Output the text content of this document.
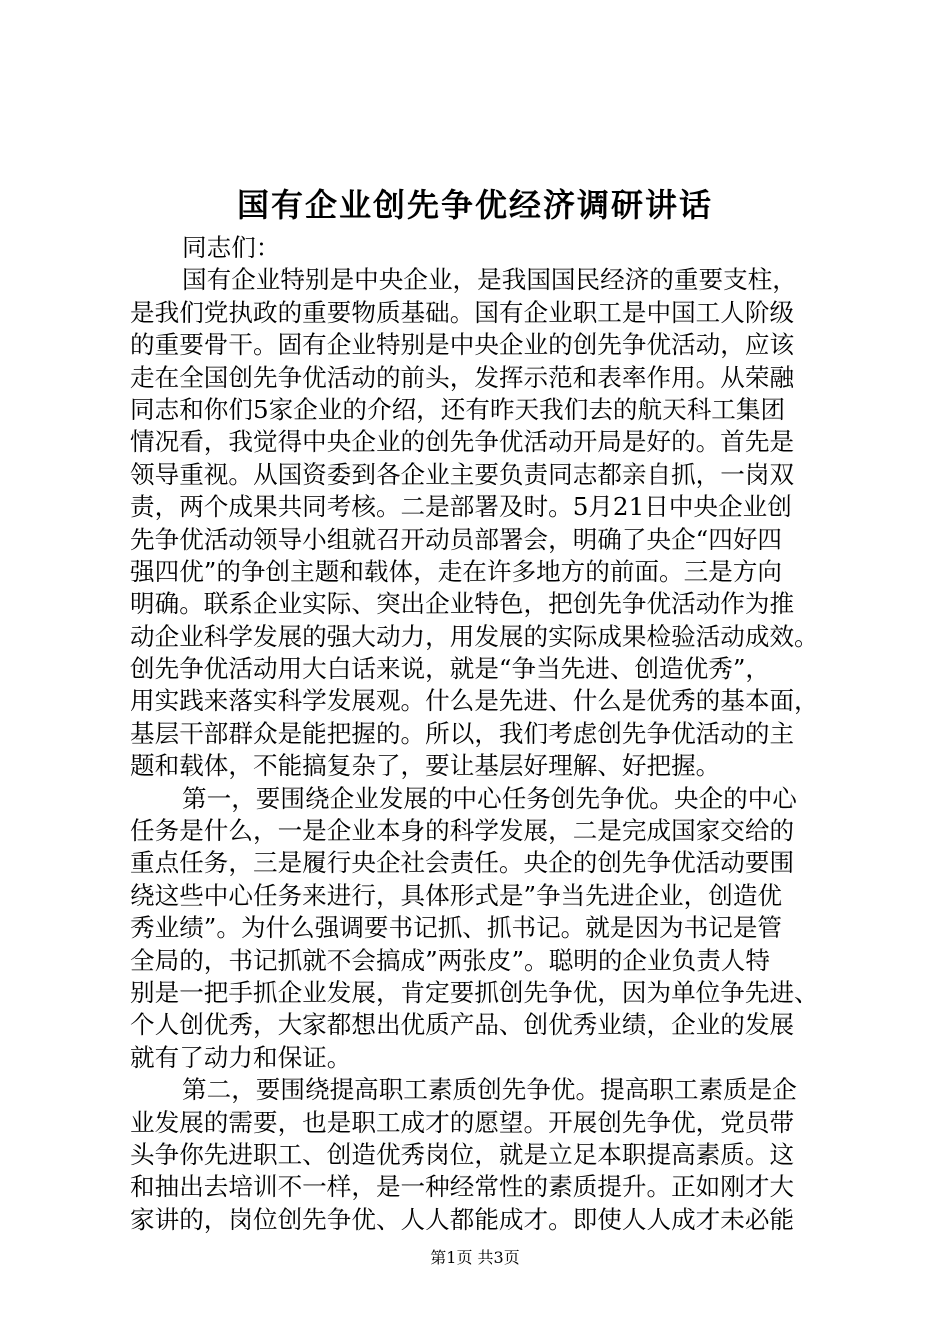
国有企业创先争优经济调研讲话
同志们：
国有企业特别是中央企业，是我国国民经济的重要支柱，
是我们党执政的重要物质基础。国有企业职工是中国工人阶级
的重要骨干。固有企业特别是中央企业的创先争优活动，应该
走在全国创先争优活动的前头，发挥示范和表率作用。从荣融
同志和你们5家企业的介绍，还有昨天我们去的航天科工集团
情况看，我觉得中央企业的创先争优活动开局是好的。首先是
领导重视。从国资委到各企业主要负责同志都亲自抓，一岗双
责，两个成果共同考核。二是部署及时。5月21日中央企业创
先争优活动领导小组就召开动员部署会，明确了央企“四好四
强四优”的争创主题和载体，走在许多地方的前面。三是方向
明确。联系企业实际、突出企业特色，把创先争优活动作为推
动企业科学发展的强大动力，用发展的实际成果检验活动成效。
创先争优活动用大白话来说，就是“争当先进、创造优秀”，
用实践来落实科学发展观。什么是先进、什么是优秀的基本面，
基层干部群众是能把握的。所以，我们考虑创先争优活动的主
题和载体，不能搞复杂了，要让基层好理解、好把握。
第一，要围绕企业发展的中心任务创先争优。央企的中心
任务是什么，一是企业本身的科学发展，二是完成国家交给的
重点任务，三是履行央企社会责任。央企的创先争优活动要围
绕这些中心任务来进行，具体形式是”争当先进企业，创造优
秀业绩”。为什么强调要书记抓、抓书记。就是因为书记是管
全局的，书记抓就不会搞成”两张皮”。聪明的企业负责人特
别是一把手抓企业发展，肯定要抓创先争优，因为单位争先进、
个人创优秀，大家都想出优质产品、创优秀业绩，企业的发展
就有了动力和保证。
第二，要围绕提高职工素质创先争优。提高职工素质是企
业发展的需要，也是职工成才的愿望。开展创先争优，党员带
头争你先进职工、创造优秀岗位，就是立足本职提高素质。这
和抽出去培训不一样，是一种经常性的素质提升。正如刚才大
家讲的，岗位创先争优、人人都能成才。即使人人成才未必能
第1页 共3页
